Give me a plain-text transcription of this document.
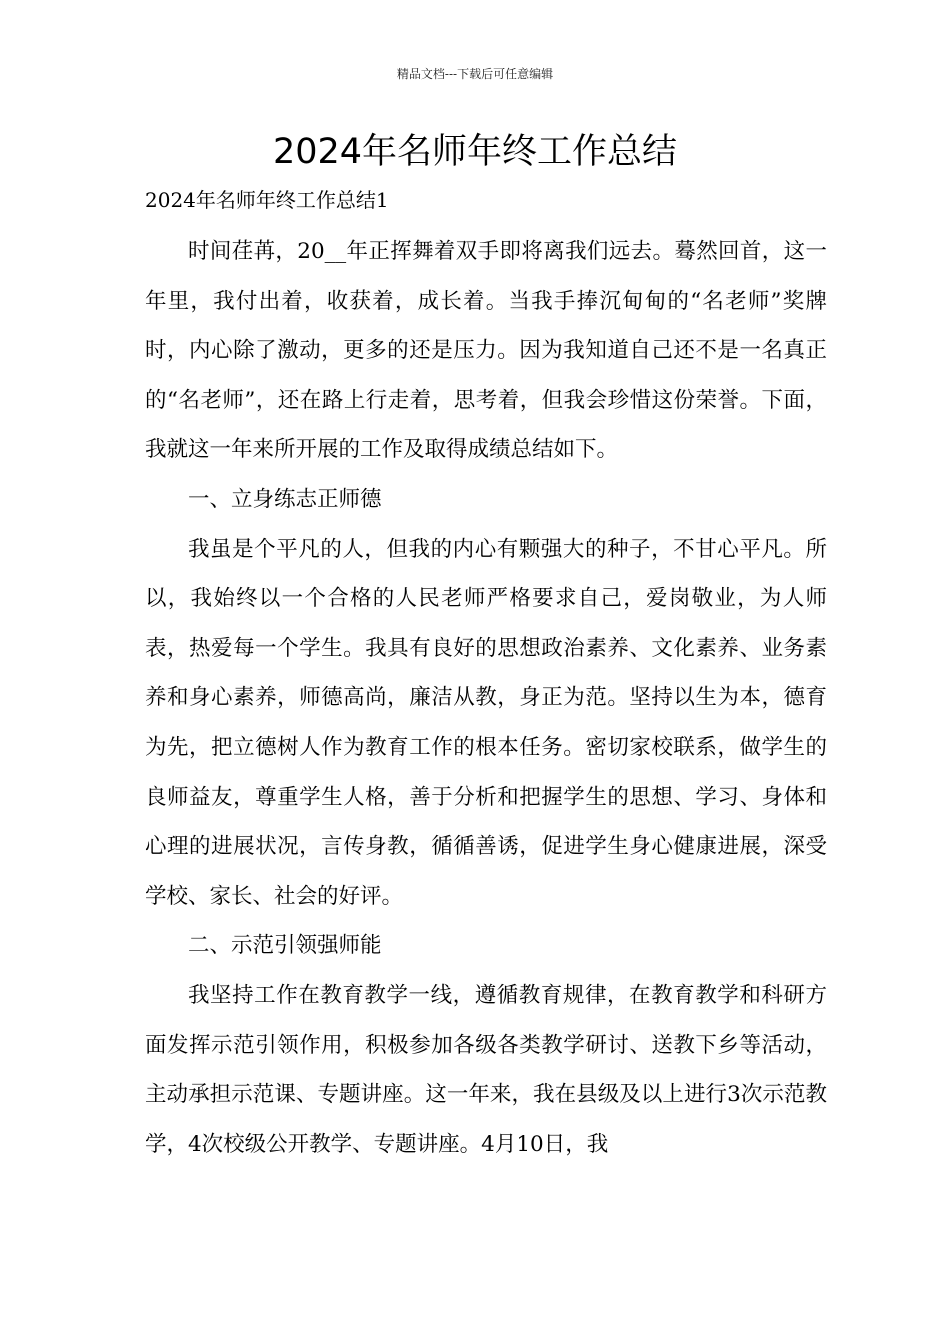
精品文档---下载后可任意编辑
2024年名师年终工作总结
2024年名师年终工作总结1

时间荏苒，20__年正挥舞着双手即将离我们远去。蓦然回首，这一年里，我付出着，收获着，成长着。当我手捧沉甸甸的“名老师”奖牌时，内心除了激动，更多的还是压力。因为我知道自己还不是一名真正的“名老师”，还在路上行走着，思考着，但我会珍惜这份荣誉。下面，我就这一年来所开展的工作及取得成绩总结如下。

一、立身练志正师德

我虽是个平凡的人，但我的内心有颗强大的种子，不甘心平凡。所以，我始终以一个合格的人民老师严格要求自己，爱岗敬业，为人师表，热爱每一个学生。我具有良好的思想政治素养、文化素养、业务素养和身心素养，师德高尚，廉洁从教，身正为范。坚持以生为本，德育为先，把立德树人作为教育工作的根本任务。密切家校联系，做学生的良师益友，尊重学生人格，善于分析和把握学生的思想、学习、身体和心理的进展状况，言传身教，循循善诱，促进学生身心健康进展，深受学校、家长、社会的好评。

二、示范引领强师能

我坚持工作在教育教学一线，遵循教育规律，在教育教学和科研方面发挥示范引领作用，积极参加各级各类教学研讨、送教下乡等活动，主动承担示范课、专题讲座。这一年来，我在县级及以上进行3次示范教学，4次校级公开教学、专题讲座。4月10日，我
